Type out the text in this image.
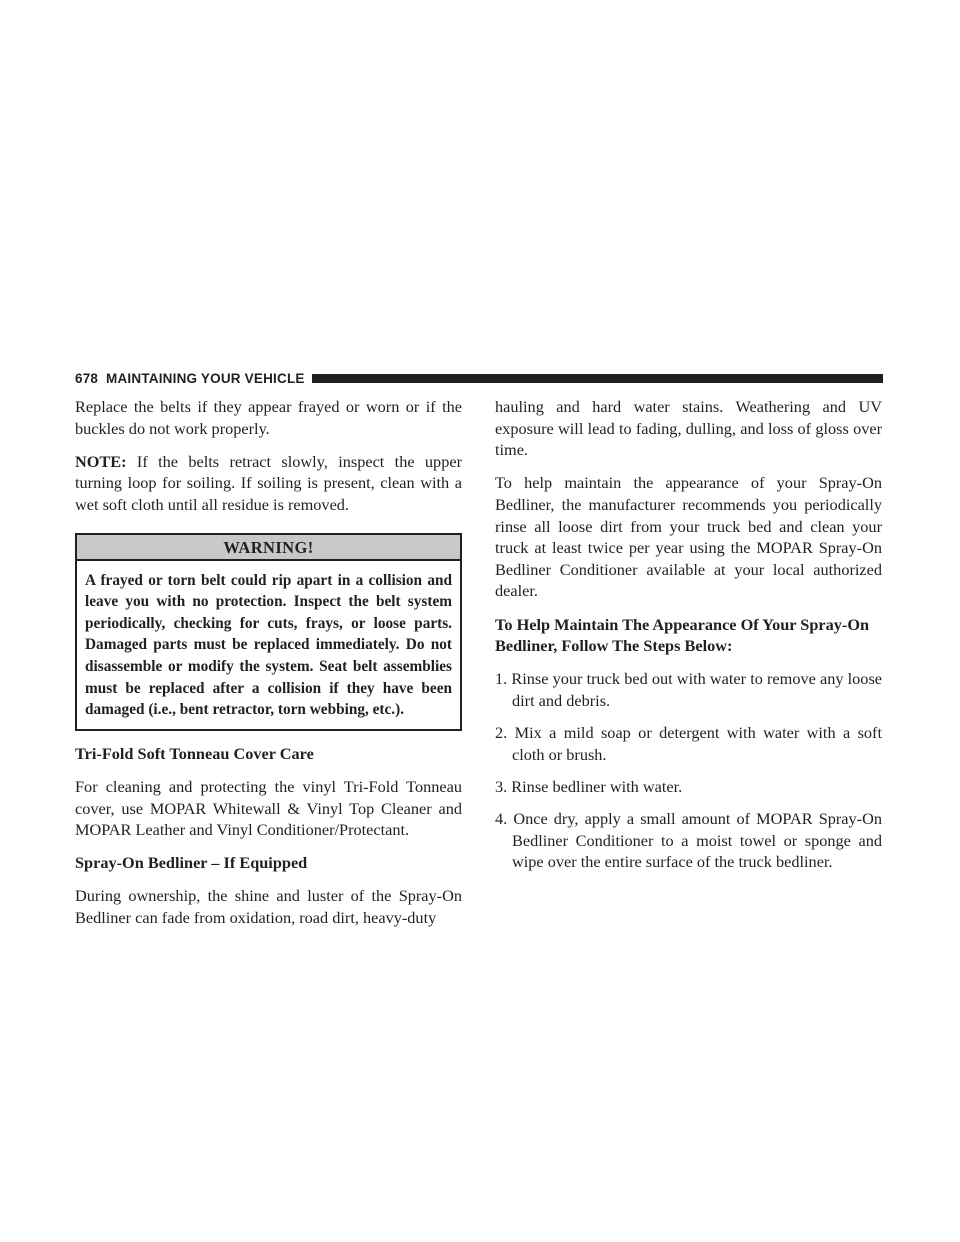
678 MAINTAINING YOUR VEHICLE

Replace the belts if they appear frayed or worn or if the buckles do not work properly.

NOTE: If the belts retract slowly, inspect the upper turning loop for soiling. If soiling is present, clean with a wet soft cloth until all residue is removed.

WARNING!
A frayed or torn belt could rip apart in a collision and leave you with no protection. Inspect the belt system periodically, checking for cuts, frays, or loose parts. Damaged parts must be replaced immediately. Do not disassemble or modify the system. Seat belt assemblies must be replaced after a collision if they have been damaged (i.e., bent retractor, torn webbing, etc.).
Tri-Fold Soft Tonneau Cover Care

For cleaning and protecting the vinyl Tri-Fold Tonneau cover, use MOPAR Whitewall & Vinyl Top Cleaner and MOPAR Leather and Vinyl Conditioner/Protectant.

Spray-On Bedliner – If Equipped

During ownership, the shine and luster of the Spray-On Bedliner can fade from oxidation, road dirt, heavy-duty

hauling and hard water stains. Weathering and UV exposure will lead to fading, dulling, and loss of gloss over time.

To help maintain the appearance of your Spray-On Bedliner, the manufacturer recommends you periodically rinse all loose dirt from your truck bed and clean your truck at least twice per year using the MOPAR Spray-On Bedliner Conditioner available at your local authorized dealer.

To Help Maintain The Appearance Of Your Spray-On Bedliner, Follow The Steps Below:
1. Rinse your truck bed out with water to remove any loose dirt and debris.
2. Mix a mild soap or detergent with water with a soft cloth or brush.
3. Rinse bedliner with water.
4. Once dry, apply a small amount of MOPAR Spray-On Bedliner Conditioner to a moist towel or sponge and wipe over the entire surface of the truck bedliner.
